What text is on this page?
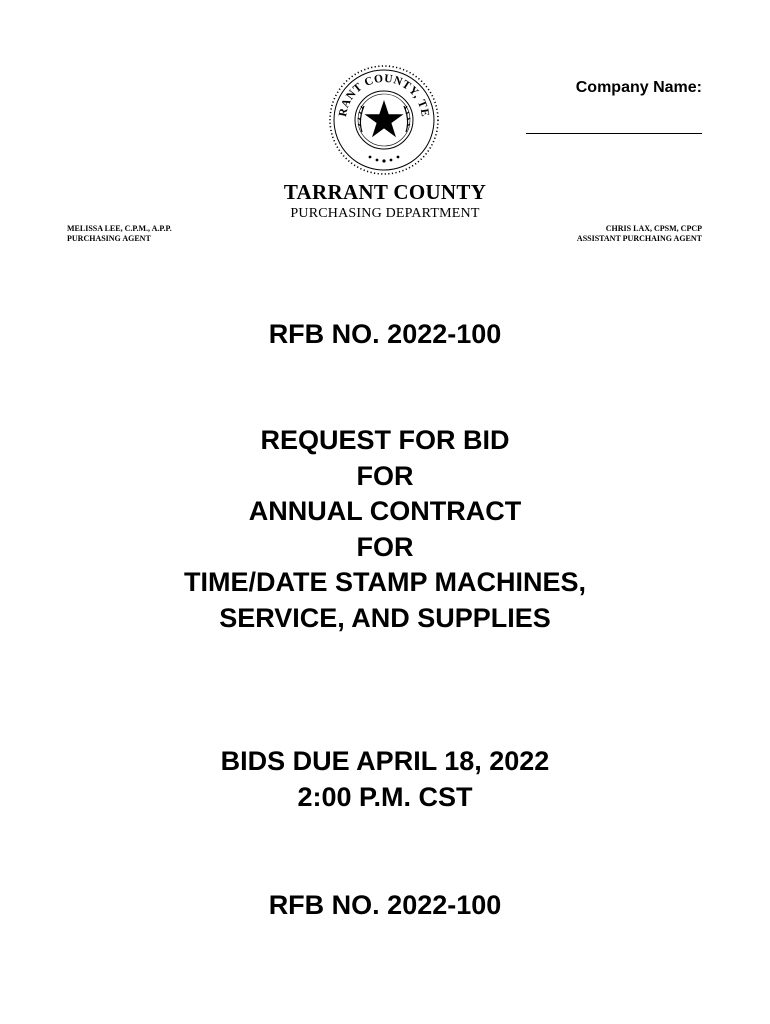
RANT COUNTY, TE
Company Name:
TARRANT COUNTY
PURCHASING DEPARTMENT
MELISSA LEE, C.P.M., A.P.P.
PURCHASING AGENT
CHRIS LAX, CPSM, CPCP
ASSISTANT PURCHAING AGENT
RFB NO. 2022-100
REQUEST FOR BID
FOR
ANNUAL CONTRACT
FOR
TIME/DATE STAMP MACHINES,
SERVICE, AND SUPPLIES
BIDS DUE APRIL 18, 2022
2:00 P.M. CST
RFB NO. 2022-100
